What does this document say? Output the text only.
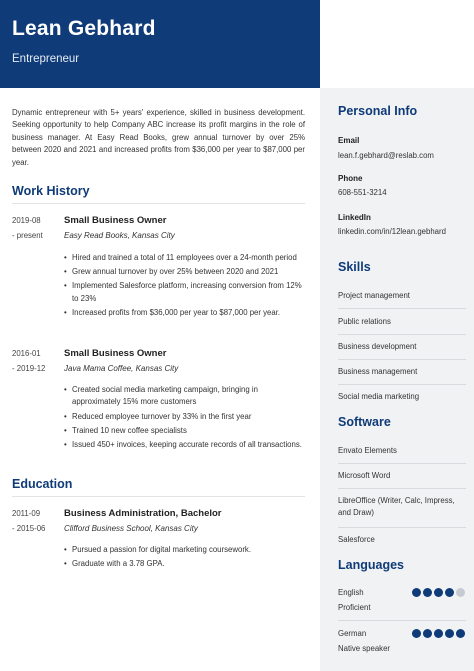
Lean Gebhard
Entrepreneur

Dynamic entrepreneur with 5+ years' experience, skilled in business development. Seeking opportunity to help Company ABC increase its profit margins in the role of business manager. At Easy Read Books, grew annual turnover by over 25% between 2020 and 2021 and increased profits from $36,000 per year to $87,000 per year.

Work History
2019-08
- present
Small Business Owner
Easy Read Books, Kansas City
• Hired and trained a total of 11 employees over a 24-month period
• Grew annual turnover by over 25% between 2020 and 2021
• Implemented Salesforce platform, increasing conversion from 12% to 23%
• Increased profits from $36,000 per year to $87,000 per year.
2016-01
- 2019-12
Small Business Owner
Java Mama Coffee, Kansas City
• Created social media marketing campaign, bringing in approximately 15% more customers
• Reduced employee turnover by 33% in the first year
• Trained 10 new coffee specialists
• Issued 450+ invoices, keeping accurate records of all transactions.
Education
2011-09
- 2015-06
Business Administration, Bachelor
Clifford Business School, Kansas City
• Pursued a passion for digital marketing coursework.
• Graduate with a 3.78 GPA.
Personal Info
Email
lean.f.gebhard@reslab.com
Phone
608-551-3214
LinkedIn
linkedin.com/in/12lean.gebhard
Skills
Project management
Public relations
Business development
Business management
Social media marketing
Software
Envato Elements
Microsoft Word
LibreOffice (Writer, Calc, Impress, and Draw)
Salesforce
Languages
English
Proficient
German
Native speaker
